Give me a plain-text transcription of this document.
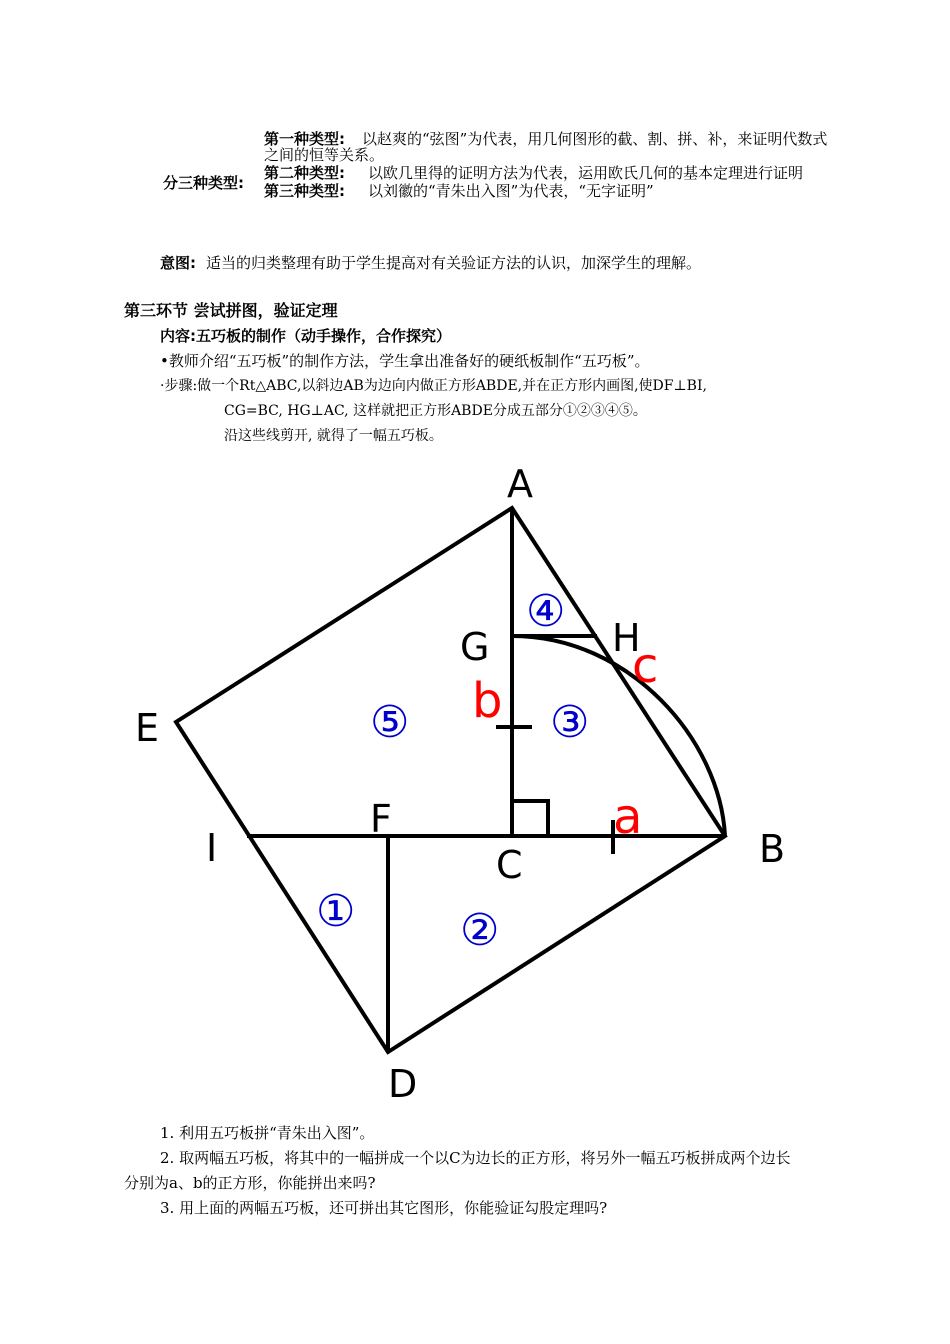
第一种类型: 以赵爽的“弦图”为代表，用几何图形的截、割、拼、补，来证明代数式
之间的恒等关系。
分三种类型:
第二种类型: 以欧几里得的证明方法为代表，运用欧氏几何的基本定理进行证明
第三种类型: 以刘徽的“青朱出入图”为代表，“无字证明”
意图: 适当的归类整理有助于学生提高对有关验证方法的认识，加深学生的理解。
第三环节 尝试拼图，验证定理
内容:五巧板的制作（动手操作，合作探究）
•教师介绍“五巧板”的制作方法，学生拿出准备好的硬纸板制作“五巧板”。
·步骤:做一个Rt△ABC,以斜边AB为边向内做正方形ABDE,并在正方形内画图,使DF⊥BI,
CG=BC, HG⊥AC, 这样就把正方形ABDE分成五部分①②③④⑤。
沿这些线剪开, 就得了一幅五巧板。
A
B
C
D
E
F
G	H
I
a
b
c
① ②
③
④
⑤
1. 利用五巧板拼“青朱出入图”。
2. 取两幅五巧板，将其中的一幅拼成一个以C为边长的正方形，将另外一幅五巧板拼成两个边长
分别为a、b的正方形，你能拼出来吗?
3. 用上面的两幅五巧板，还可拼出其它图形，你能验证勾股定理吗?
